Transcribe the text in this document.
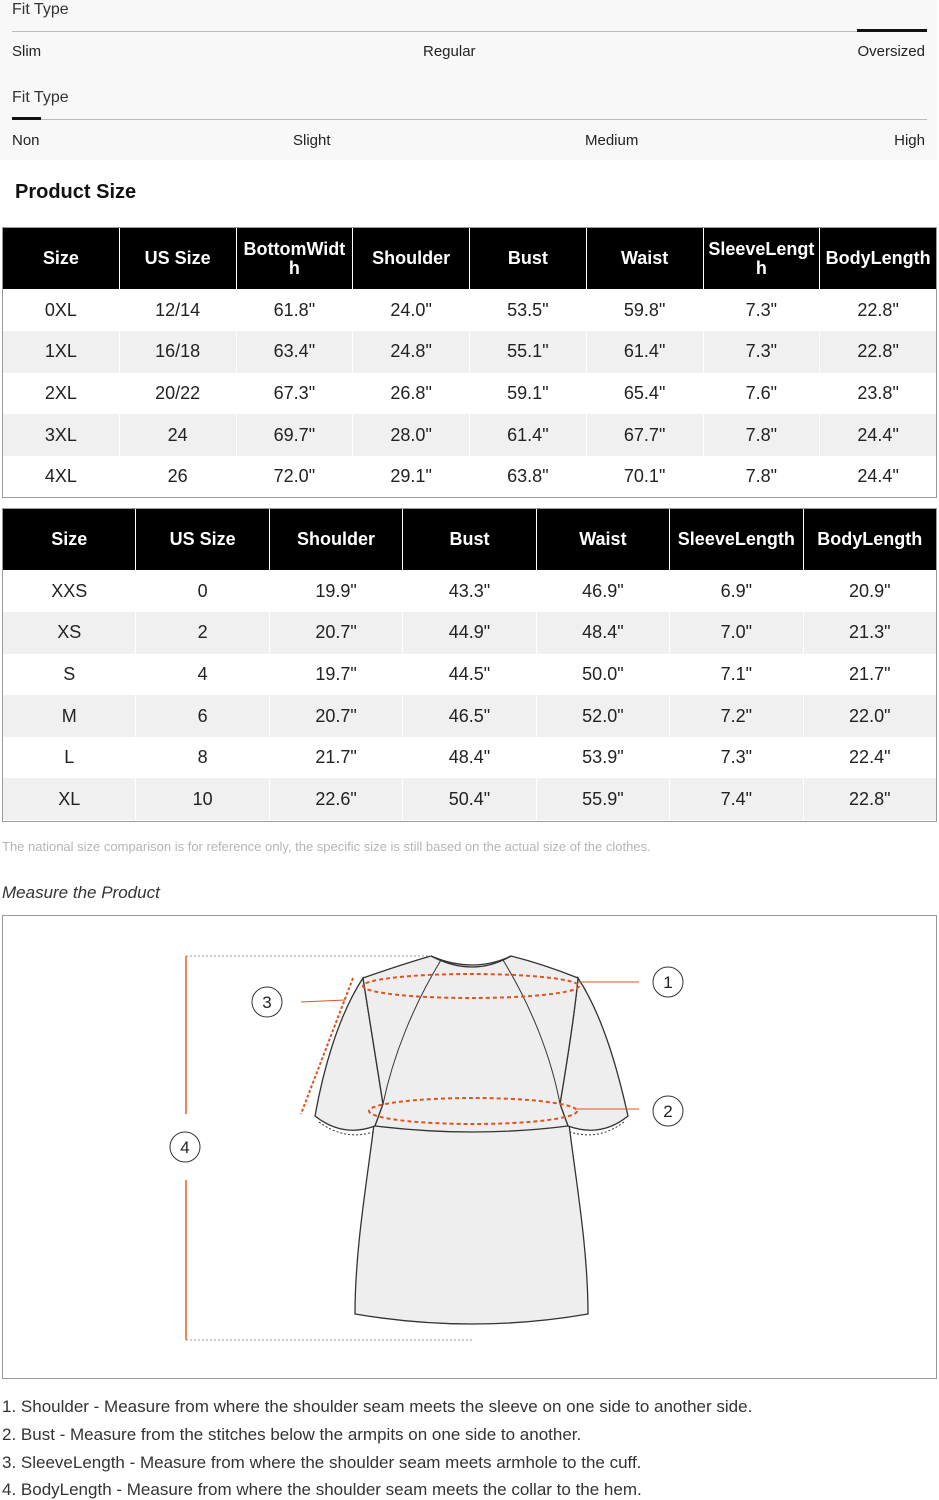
Fit Type
Slim	Regular	Oversized
Fit Type
Non	Slight	Medium	High
Product Size
Size	US Size	BottomWidth	Shoulder	Bust	Waist	SleeveLength	BodyLength
0XL	12/14	61.8"	24.0"	53.5"	59.8"	7.3"	22.8"
1XL	16/18	63.4"	24.8"	55.1"	61.4"	7.3"	22.8"
2XL	20/22	67.3"	26.8"	59.1"	65.4"	7.6"	23.8"
3XL	24	69.7"	28.0"	61.4"	67.7"	7.8"	24.4"
4XL	26	72.0"	29.1"	63.8"	70.1"	7.8"	24.4"
Size	US Size	Shoulder	Bust	Waist	SleeveLength	BodyLength
XXS	0	19.9"	43.3"	46.9"	6.9"	20.9"
XS	2	20.7"	44.9"	48.4"	7.0"	21.3"
S	4	19.7"	44.5"	50.0"	7.1"	21.7"
M	6	20.7"	46.5"	52.0"	7.2"	22.0"
L	8	21.7"	48.4"	53.9"	7.3"	22.4"
XL	10	22.6"	50.4"	55.9"	7.4"	22.8"
The national size comparison is for reference only, the specific size is still based on the actual size of the clothes.
Measure the Product
1
2
3
4

1. Shoulder - Measure from where the shoulder seam meets the sleeve on one side to another side.

2. Bust - Measure from the stitches below the armpits on one side to another.

3. SleeveLength - Measure from where the shoulder seam meets armhole to the cuff.

4. BodyLength - Measure from where the shoulder seam meets the collar to the hem.
